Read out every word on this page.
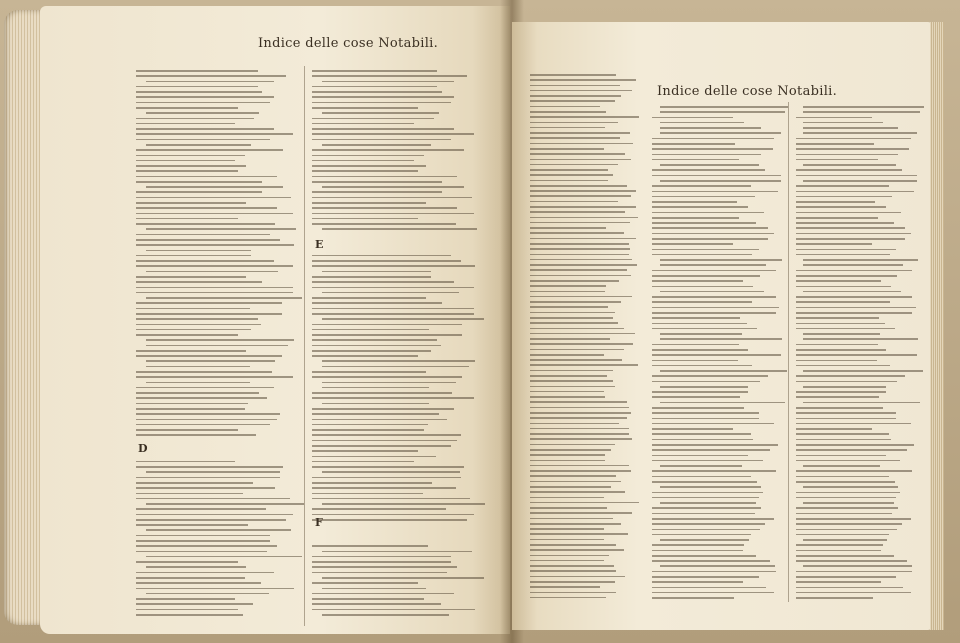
Indice delle cose Notabili.
D
E
F
Indice delle cose Notabili.
